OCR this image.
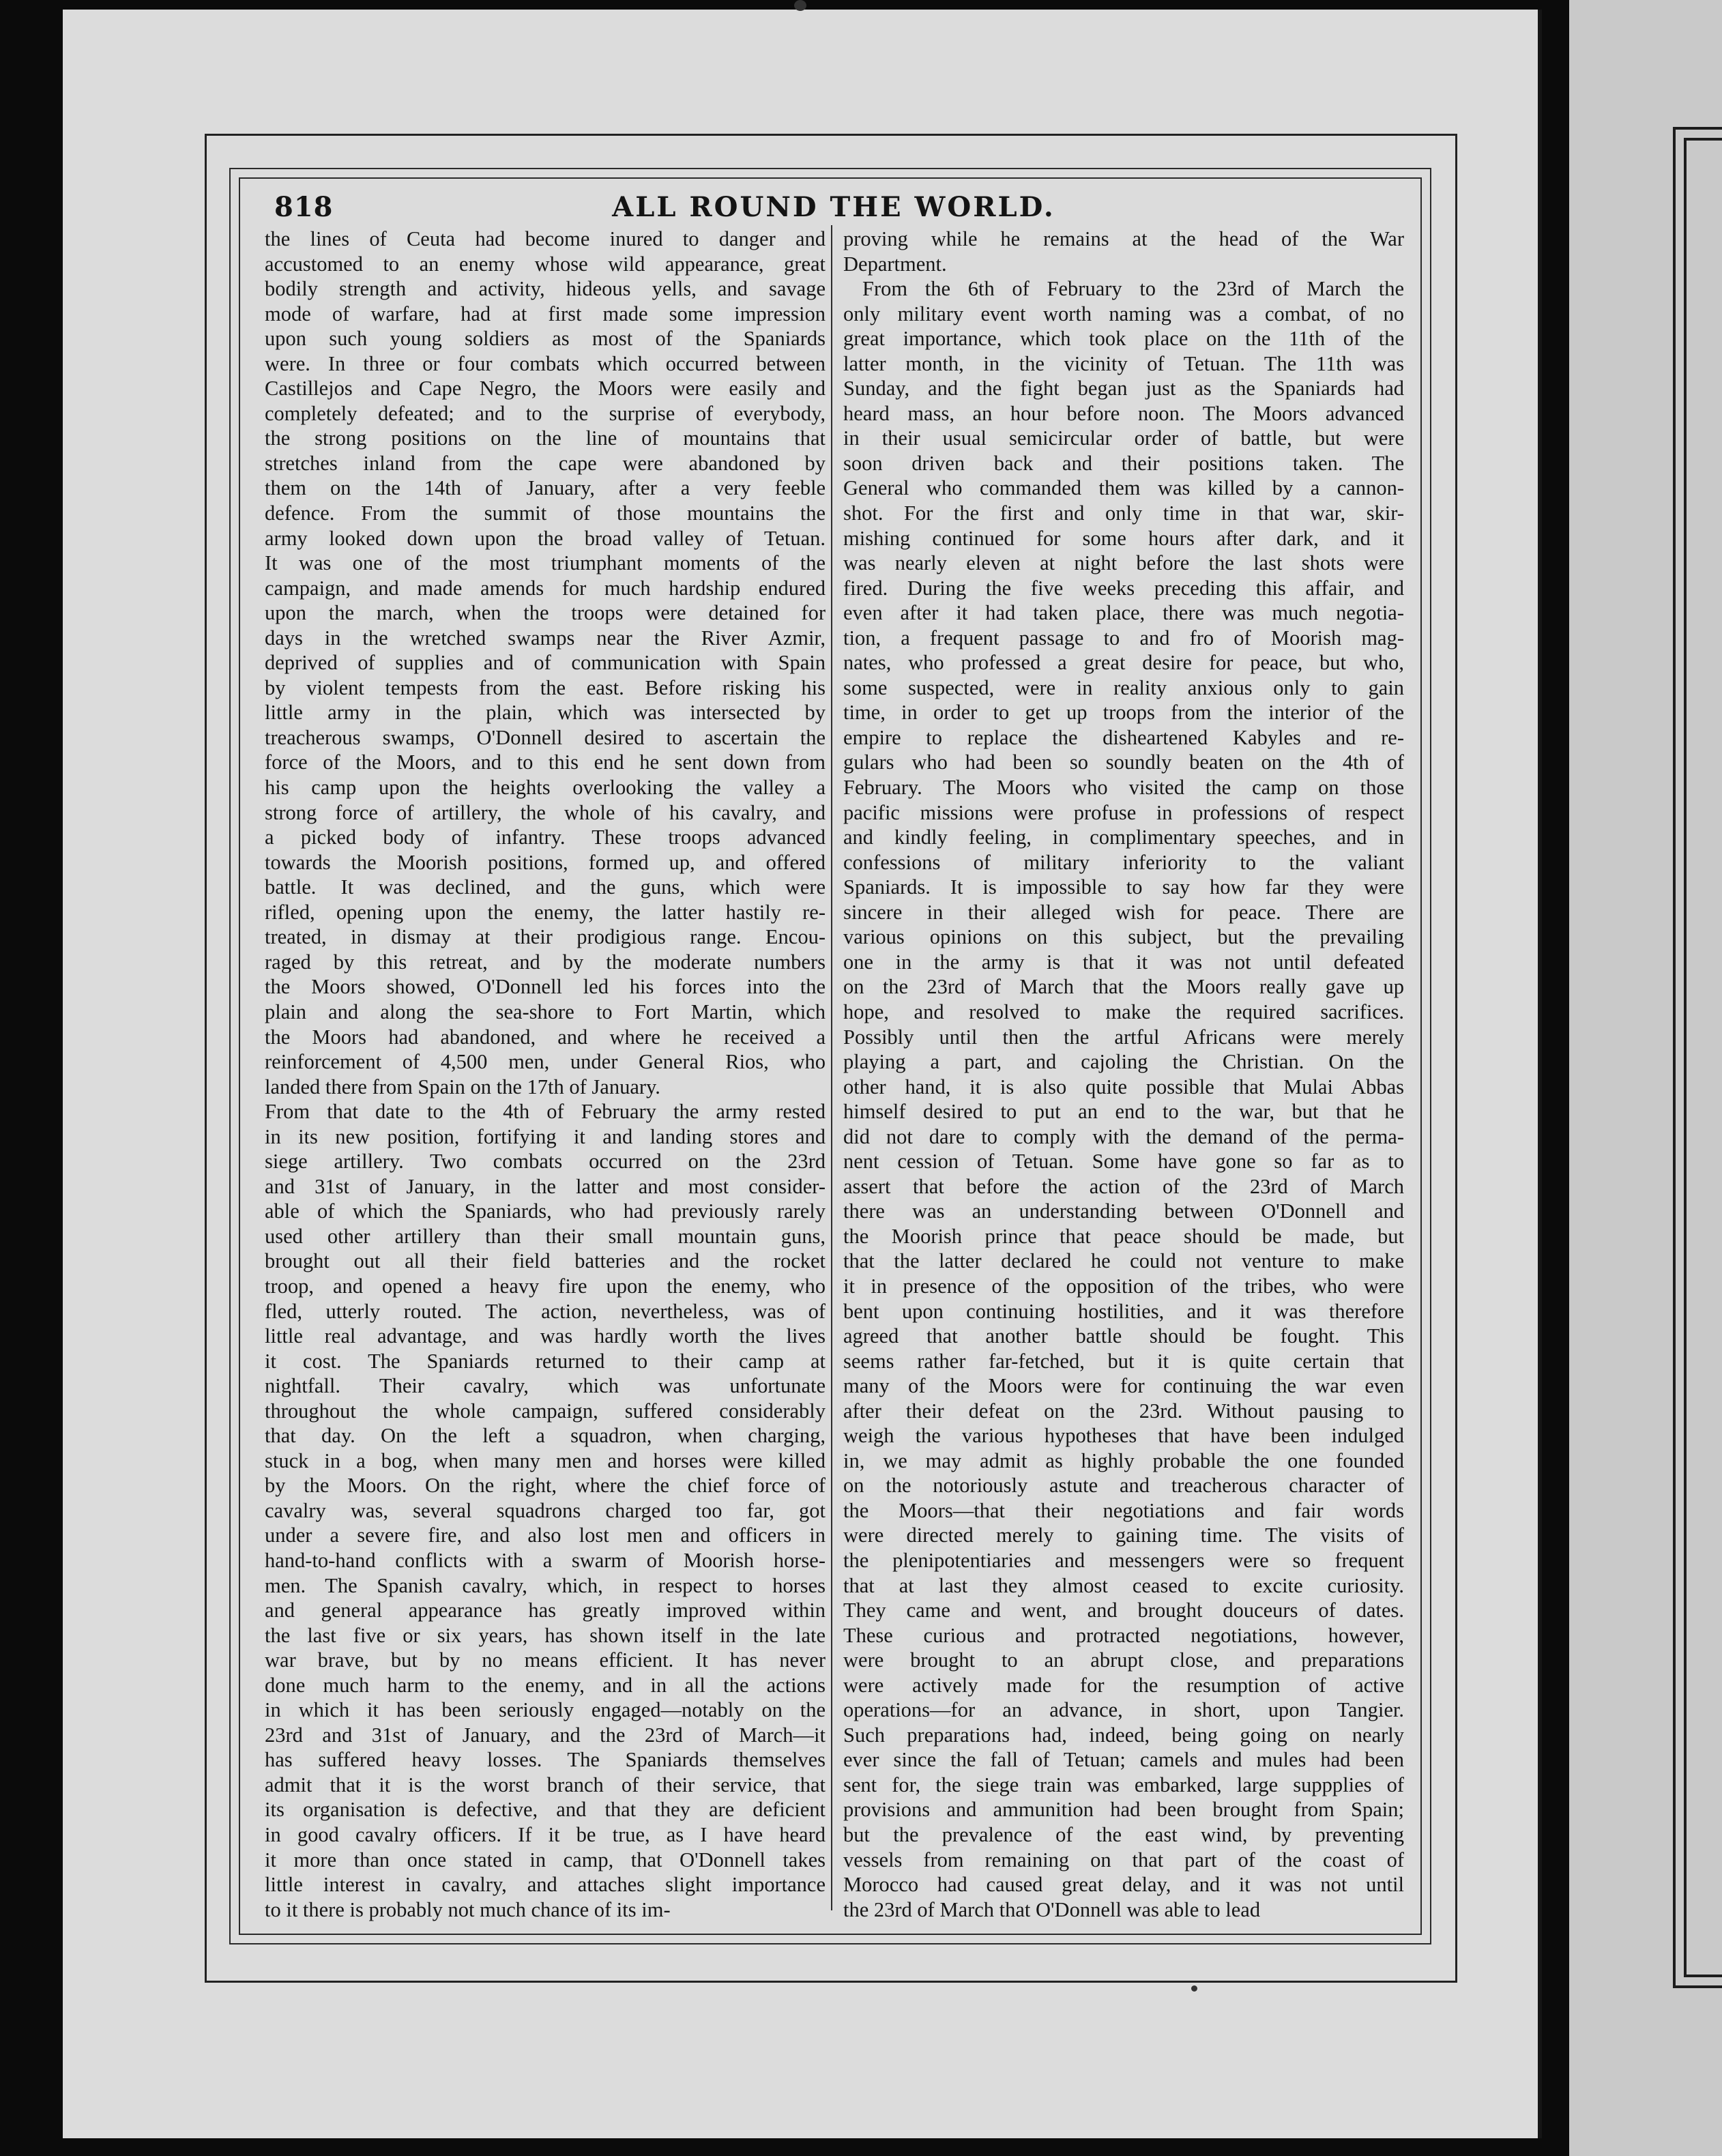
818	ALL ROUND THE WORLD.
the lines of Ceuta had become inured to danger and
accustomed to an enemy whose wild appearance, great
bodily strength and activity, hideous yells, and savage
mode of warfare, had at first made some impression
upon such young soldiers as most of the Spaniards
were. In three or four combats which occurred between
Castillejos and Cape Negro, the Moors were easily and
completely defeated; and to the surprise of everybody,
the strong positions on the line of mountains that
stretches inland from the cape were abandoned by
them on the 14th of January, after a very feeble
defence. From the summit of those mountains the
army looked down upon the broad valley of Tetuan.
It was one of the most triumphant moments of the
campaign, and made amends for much hardship endured
upon the march, when the troops were detained for
days in the wretched swamps near the River Azmir,
deprived of supplies and of communication with Spain
by violent tempests from the east. Before risking his
little army in the plain, which was intersected by
treacherous swamps, O'Donnell desired to ascertain the
force of the Moors, and to this end he sent down from
his camp upon the heights overlooking the valley a
strong force of artillery, the whole of his cavalry, and
a picked body of infantry. These troops advanced
towards the Moorish positions, formed up, and offered
battle. It was declined, and the guns, which were
rifled, opening upon the enemy, the latter hastily re-
treated, in dismay at their prodigious range. Encou-
raged by this retreat, and by the moderate numbers
the Moors showed, O'Donnell led his forces into the
plain and along the sea-shore to Fort Martin, which
the Moors had abandoned, and where he received a
reinforcement of 4,500 men, under General Rios, who
landed there from Spain on the 17th of January.
From that date to the 4th of February the army rested
in its new position, fortifying it and landing stores and
siege artillery. Two combats occurred on the 23rd
and 31st of January, in the latter and most consider-
able of which the Spaniards, who had previously rarely
used other artillery than their small mountain guns,
brought out all their field batteries and the rocket
troop, and opened a heavy fire upon the enemy, who
fled, utterly routed. The action, nevertheless, was of
little real advantage, and was hardly worth the lives
it cost. The Spaniards returned to their camp at
nightfall. Their cavalry, which was unfortunate
throughout the whole campaign, suffered considerably
that day. On the left a squadron, when charging,
stuck in a bog, when many men and horses were killed
by the Moors. On the right, where the chief force of
cavalry was, several squadrons charged too far, got
under a severe fire, and also lost men and officers in
hand-to-hand conflicts with a swarm of Moorish horse-
men. The Spanish cavalry, which, in respect to horses
and general appearance has greatly improved within
the last five or six years, has shown itself in the late
war brave, but by no means efficient. It has never
done much harm to the enemy, and in all the actions
in which it has been seriously engaged—notably on the
23rd and 31st of January, and the 23rd of March—it
has suffered heavy losses. The Spaniards themselves
admit that it is the worst branch of their service, that
its organisation is defective, and that they are deficient
in good cavalry officers. If it be true, as I have heard
it more than once stated in camp, that O'Donnell takes
little interest in cavalry, and attaches slight importance
to it there is probably not much chance of its im-
proving while he remains at the head of the War
Department.
From the 6th of February to the 23rd of March the
only military event worth naming was a combat, of no
great importance, which took place on the 11th of the
latter month, in the vicinity of Tetuan. The 11th was
Sunday, and the fight began just as the Spaniards had
heard mass, an hour before noon. The Moors advanced
in their usual semicircular order of battle, but were
soon driven back and their positions taken. The
General who commanded them was killed by a cannon-
shot. For the first and only time in that war, skir-
mishing continued for some hours after dark, and it
was nearly eleven at night before the last shots were
fired. During the five weeks preceding this affair, and
even after it had taken place, there was much negotia-
tion, a frequent passage to and fro of Moorish mag-
nates, who professed a great desire for peace, but who,
some suspected, were in reality anxious only to gain
time, in order to get up troops from the interior of the
empire to replace the disheartened Kabyles and re-
gulars who had been so soundly beaten on the 4th of
February. The Moors who visited the camp on those
pacific missions were profuse in professions of respect
and kindly feeling, in complimentary speeches, and in
confessions of military inferiority to the valiant
Spaniards. It is impossible to say how far they were
sincere in their alleged wish for peace. There are
various opinions on this subject, but the prevailing
one in the army is that it was not until defeated
on the 23rd of March that the Moors really gave up
hope, and resolved to make the required sacrifices.
Possibly until then the artful Africans were merely
playing a part, and cajoling the Christian. On the
other hand, it is also quite possible that Mulai Abbas
himself desired to put an end to the war, but that he
did not dare to comply with the demand of the perma-
nent cession of Tetuan. Some have gone so far as to
assert that before the action of the 23rd of March
there was an understanding between O'Donnell and
the Moorish prince that peace should be made, but
that the latter declared he could not venture to make
it in presence of the opposition of the tribes, who were
bent upon continuing hostilities, and it was therefore
agreed that another battle should be fought. This
seems rather far-fetched, but it is quite certain that
many of the Moors were for continuing the war even
after their defeat on the 23rd. Without pausing to
weigh the various hypotheses that have been indulged
in, we may admit as highly probable the one founded
on the notoriously astute and treacherous character of
the Moors—that their negotiations and fair words
were directed merely to gaining time. The visits of
the plenipotentiaries and messengers were so frequent
that at last they almost ceased to excite curiosity.
They came and went, and brought douceurs of dates.
These curious and protracted negotiations, however,
were brought to an abrupt close, and preparations
were actively made for the resumption of active
operations—for an advance, in short, upon Tangier.
Such preparations had, indeed, being going on nearly
ever since the fall of Tetuan; camels and mules had been
sent for, the siege train was embarked, large suppplies of
provisions and ammunition had been brought from Spain;
but the prevalence of the east wind, by preventing
vessels from remaining on that part of the coast of
Morocco had caused great delay, and it was not until
the 23rd of March that O'Donnell was able to lead
